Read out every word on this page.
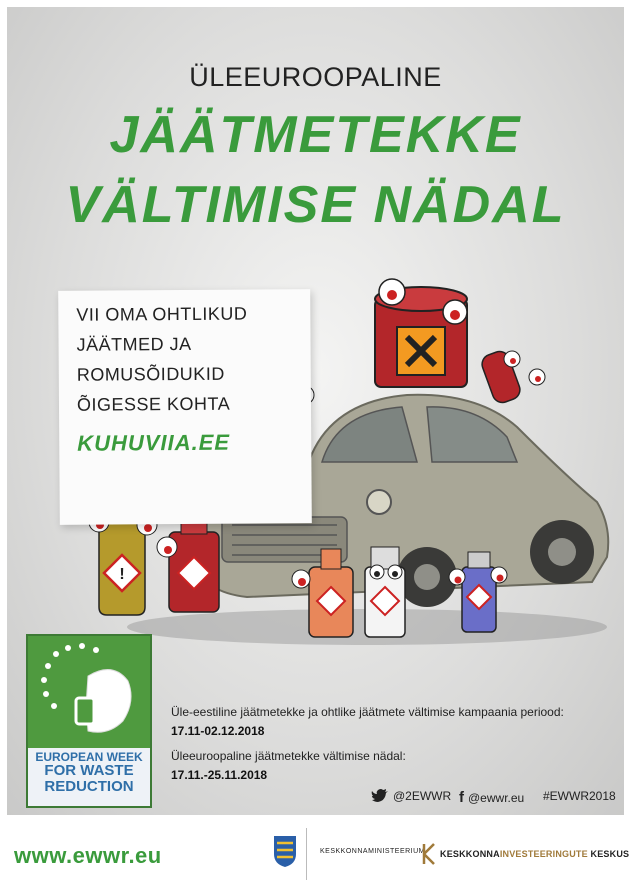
ÜLEEUROOPALINE
JÄÄTMETEKKE
VÄLTIMISE NÄDAL
!
VII OMA OHTLIKUD
JÄÄTMED JA
ROMUSÕIDUKID
ÕIGESSE KOHTA
KUHUVIIA.EE
EUROPEAN WEEK
FOR WASTE
REDUCTION
Üle-eestiline jäätmetekke ja ohtlike jäätmete vältimise kampaania periood:
17.11-02.12.2018
Üleeuroopaline jäätmetekke vältimise nädal:
17.11.-25.11.2018
@2EWWR f @ewwr.eu #EWWR2018
www.ewwr.eu	KESKKONNAMINISTEERIUM KESKKONNAINVESTEERINGUTE KESKUS
